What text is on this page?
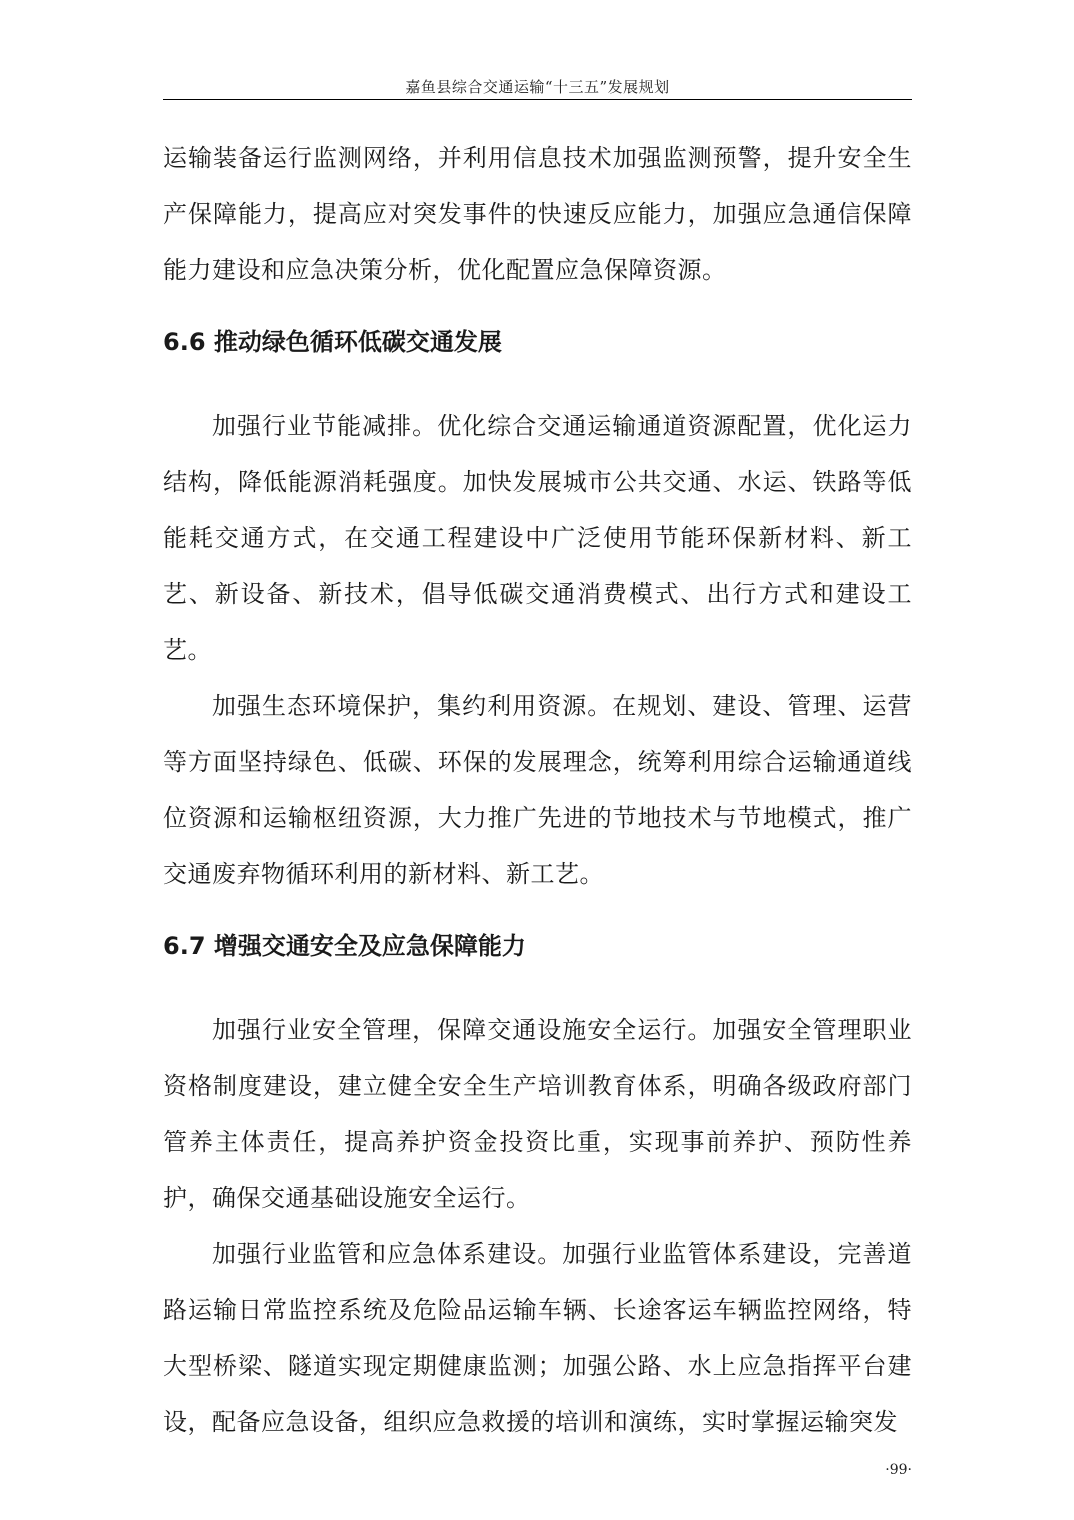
嘉鱼县综合交通运输“十三五”发展规划

运输装备运行监测网络，并利用信息技术加强监测预警，提升安全生产保障能力，提高应对突发事件的快速反应能力，加强应急通信保障能力建设和应急决策分析，优化配置应急保障资源。

6.6 推动绿色循环低碳交通发展

加强行业节能减排。优化综合交通运输通道资源配置，优化运力结构，降低能源消耗强度。加快发展城市公共交通、水运、铁路等低能耗交通方式，在交通工程建设中广泛使用节能环保新材料、新工艺、新设备、新技术，倡导低碳交通消费模式、出行方式和建设工艺。

加强生态环境保护，集约利用资源。在规划、建设、管理、运营等方面坚持绿色、低碳、环保的发展理念，统筹利用综合运输通道线位资源和运输枢纽资源，大力推广先进的节地技术与节地模式，推广交通废弃物循环利用的新材料、新工艺。

6.7 增强交通安全及应急保障能力

加强行业安全管理，保障交通设施安全运行。加强安全管理职业资格制度建设，建立健全安全生产培训教育体系，明确各级政府部门管养主体责任，提高养护资金投资比重，实现事前养护、预防性养护，确保交通基础设施安全运行。

加强行业监管和应急体系建设。加强行业监管体系建设，完善道路运输日常监控系统及危险品运输车辆、长途客运车辆监控网络，特大型桥梁、隧道实现定期健康监测；加强公路、水上应急指挥平台建设，配备应急设备，组织应急救援的培训和演练，实时掌握运输突发

·99·
